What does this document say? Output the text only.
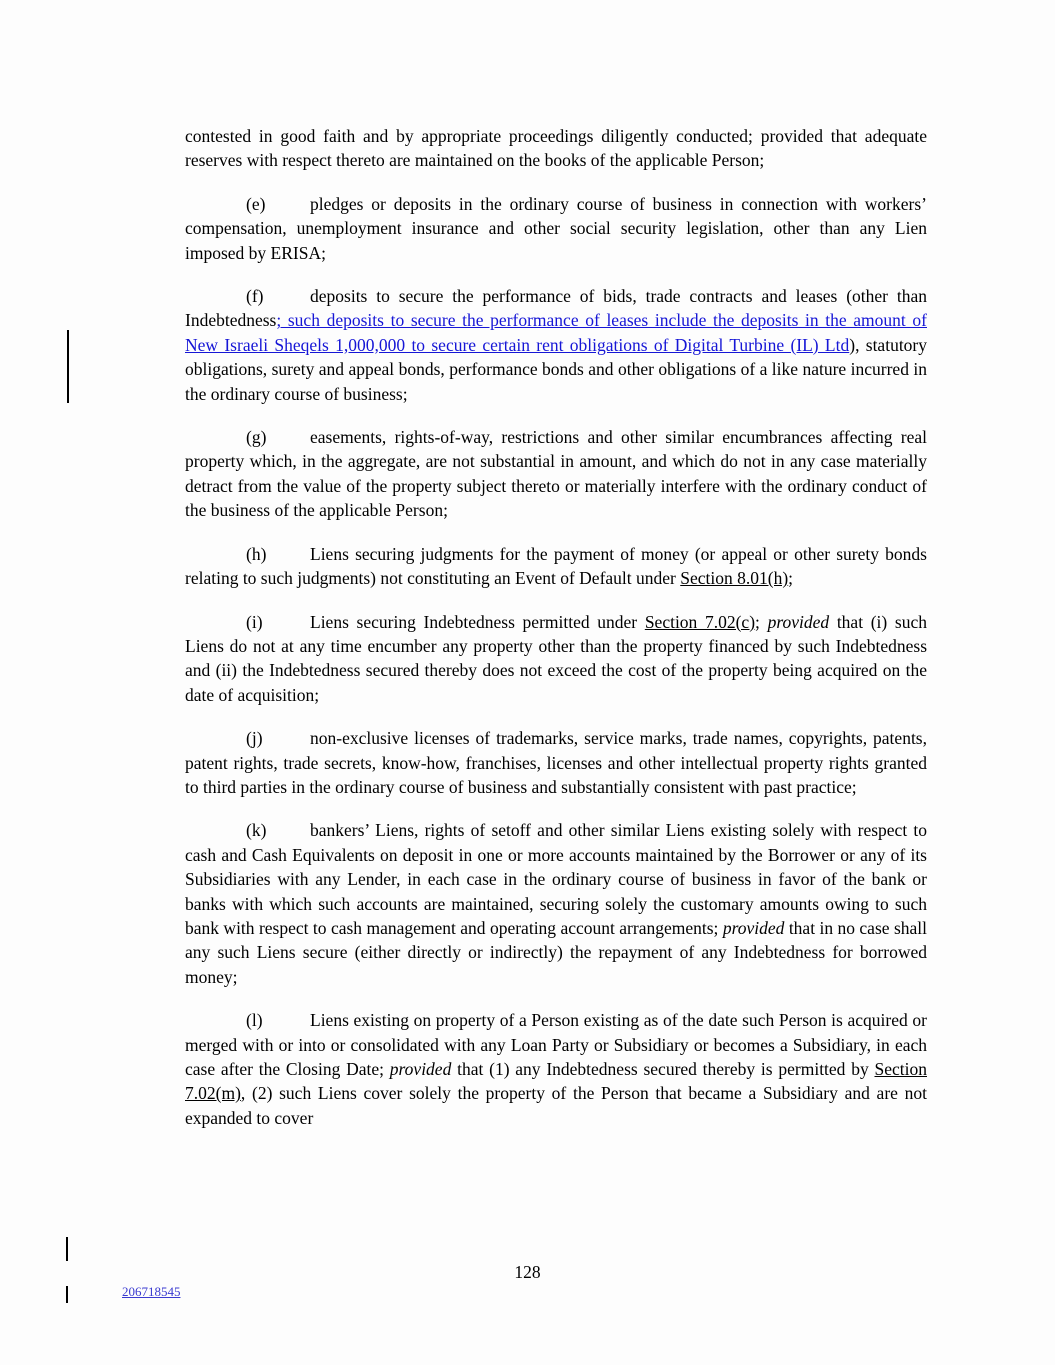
contested in good faith and by appropriate proceedings diligently conducted; provided that adequate reserves with respect thereto are maintained on the books of the applicable Person;

(e)	pledges or deposits in the ordinary course of business in connection with workers’ compensation, unemployment insurance and other social security legislation, other than any Lien imposed by ERISA;

(f)	deposits to secure the performance of bids, trade contracts and leases (other than Indebtedness; such deposits to secure the performance of leases include the deposits in the amount of New Israeli Sheqels 1,000,000 to secure certain rent obligations of Digital Turbine (IL) Ltd), statutory obligations, surety and appeal bonds, performance bonds and other obligations of a like nature incurred in the ordinary course of business;

(g) easements, rights-of-way, restrictions and other similar encumbrances affecting real property which, in the aggregate, are not substantial in amount, and which do not in any case materially detract from the value of the property subject thereto or materially interfere with the ordinary conduct of the business of the applicable Person;

(h) Liens securing judgments for the payment of money (or appeal or other surety bonds relating to such judgments) not constituting an Event of Default under Section 8.01(h);

(i)	Liens securing Indebtedness permitted under Section 7.02(c); provided that (i) such Liens do not at any time encumber any property other than the property financed by such Indebtedness and (ii) the Indebtedness secured thereby does not exceed the cost of the property being acquired on the date of acquisition;

(j)	non-exclusive licenses of trademarks, service marks, trade names, copyrights, patents, patent rights, trade secrets, know-how, franchises, licenses and other intellectual property rights granted to third parties in the ordinary course of business and substantially consistent with past practice;

(k) bankers’ Liens, rights of setoff and other similar Liens existing solely with respect to cash and Cash Equivalents on deposit in one or more accounts maintained by the Borrower or any of its Subsidiaries with any Lender, in each case in the ordinary course of business in favor of the bank or banks with which such accounts are maintained, securing solely the customary amounts owing to such bank with respect to cash management and operating account arrangements; provided that in no case shall any such Liens secure (either directly or indirectly) the repayment of any Indebtedness for borrowed money;

(l)	Liens existing on property of a Person existing as of the date such Person is acquired or merged with or into or consolidated with any Loan Party or Subsidiary or becomes a Subsidiary, in each case after the Closing Date; provided that (1) any Indebtedness secured thereby is permitted by Section 7.02(m), (2) such Liens cover solely the property of the Person that became a Subsidiary and are not expanded to cover

128
206718545
